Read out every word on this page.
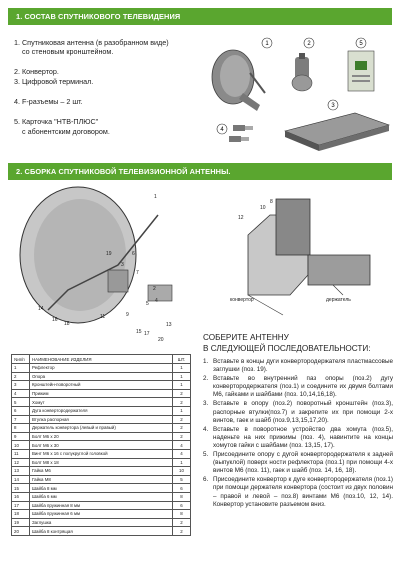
1. СОСТАВ СПУТНИКОВОГО ТЕЛЕВИДЕНИЯ
1. Спутниковая антенна (в разобранном виде)
со стеновым кронштейном.
2. Конвертор.
3. Цифровой терминал.
4. F-разъемы – 2 шт.
5. Карточка "НТВ-ПЛЮС"
с абонентским договором.
1	2	5
4
3
2. СБОРКА СПУТНИКОВОЙ ТЕЛЕВИЗИОННОЙ АНТЕННЫ.
конвертор	держатель
1
2
3
4
5
6
7
8
9
10
11
12
13
14
15
16
17
18
19
20
№п/п	НАИМЕНОВАНИЕ ИЗДЕЛИЯ	ШТ.
1	Рефлектор	1
2	Опора	1
3	Кронштейн-поворотный	1
4	Прижим	2
5	Хомут	2
6	Дуга конвертородержателя	1
7	Втулка распорная	2
8	Держатель конвертора (левый и правый)	2
9	Болт М6 х 20	2
10	Болт М6 х 30	4
11	Винт М6 х 16 с полукруглой головкой	4
12	Болт М8 х 18	1
13	Гайка М6	10
14	Гайка М8	5
15	Шайба 8 мм	6
16	Шайба 6 мм	8
17	Шайба пружинная 8 мм	6
18	Шайба пружинная 6 мм	8
19	Заглушка	2
20	Шайба 8 контрящая	2
СОБЕРИТЕ АНТЕННУ
В СЛЕДУЮЩЕЙ ПОСЛЕДОВАТЕЛЬНОСТИ:
1. Вставьте в концы дуги конвертородержателя пластмассовые заглушки (поз. 19).
2. Вставьте во внутренний паз опоры (поз.2) дугу конвертородержателя (поз.1) и соедините их двумя болтами М6, гайками и шайбами (поз. 10,14,16,18).
3. Вставьте в опору (поз.2) поворотный кронштейн (поз.3), распорные втулки(поз.7) и закрепите их при помощи 2-х винтов, гаек и шайб (поз.9,13,15,17,20).
4. Вставьте в поворотное устройство два хомута (поз.5), наденьте на них прижимы (поз. 4), навинтите на концы хомутов гайки с шайбами (поз. 13,15, 17).
5. Присоедините опору с дугой конвертородержателя к задней (выпуклой) поверх ности рефлектора (поз.1) при помощи 4-х винтов М6 (поз. 11), гаек и шайб (поз. 14, 16, 18).
6. Присоедините конвертор к дуге конвертородержателя (поз.1) при помощи держателя конвертора (состоит из двух половин – правой и левой – поз.8) винтами М6 (поз.10, 12, 14). Конвертор установите разъемом вниз.
